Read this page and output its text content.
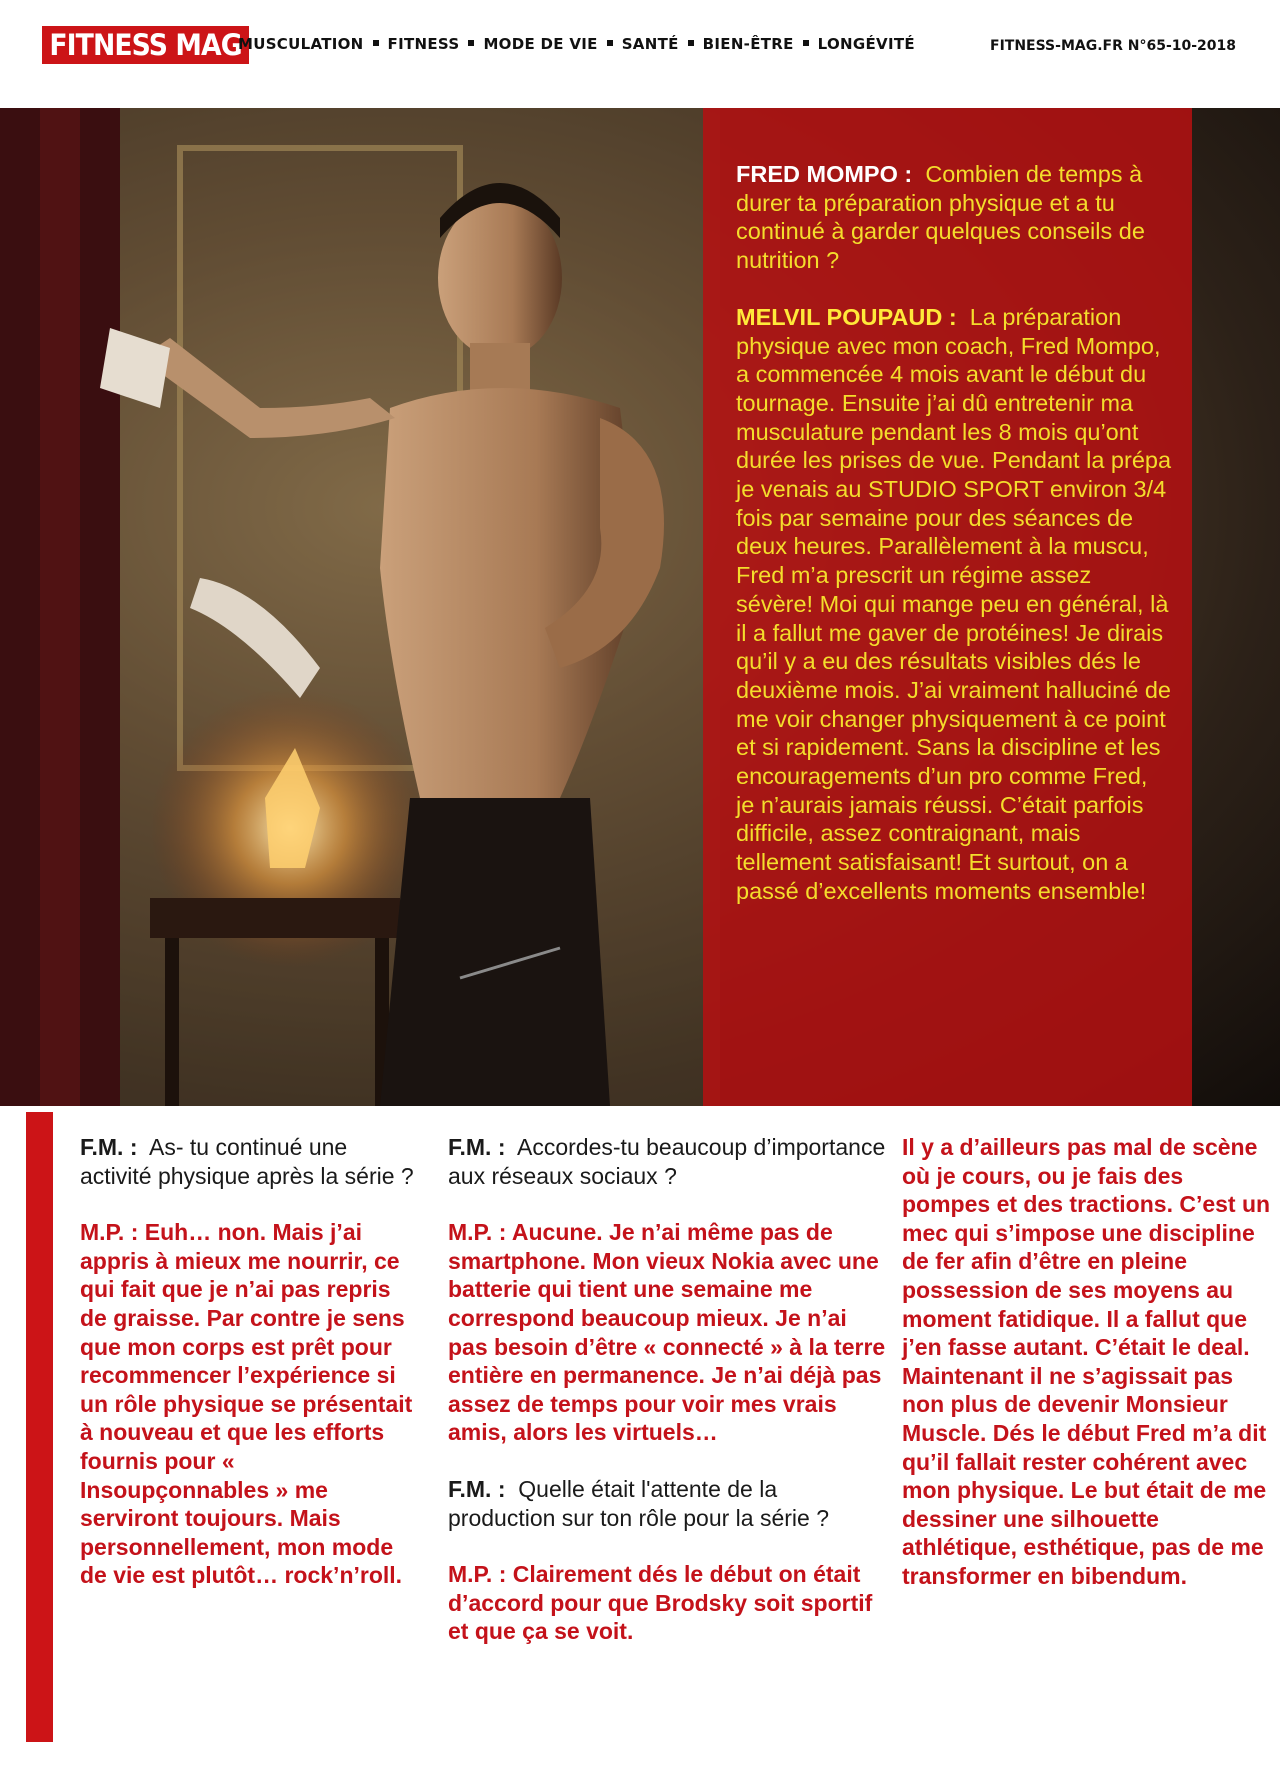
FITNESS MAG
MUSCULATION FITNESS MODE DE VIE SANTÉ BIEN-ÊTRE LONGÉVITÉ	FITNESS-MAG.FR N°65-10-2018

FRED MOMPO : Combien de temps à durer ta préparation physique et a tu continué à garder quelques conseils de nutrition ?

MELVIL POUPAUD : La préparation physique avec mon coach, Fred Mompo, a commencée 4 mois avant le début du tournage. Ensuite j’ai dû entretenir ma musculature pendant les 8 mois qu’ont durée les prises de vue. Pendant la prépa je venais au STUDIO SPORT environ 3/4 fois par semaine pour des séances de deux heures. Parallèlement à la muscu, Fred m’a prescrit un régime assez sévère! Moi qui mange peu en général, là il a fallut me gaver de protéines! Je dirais qu’il y a eu des résultats visibles dés le deuxième mois. J’ai vraiment halluciné de me voir changer physiquement à ce point et si rapidement. Sans la discipline et les encouragements d’un pro comme Fred, je n’aurais jamais réussi. C’était parfois difficile, assez contraignant, mais tellement satisfaisant! Et surtout, on a passé d’excellents moments ensemble!

F.M. : As- tu continué une activité physique après la série ?

M.P. : Euh… non. Mais j’ai appris à mieux me nourrir, ce qui fait que je n’ai pas repris de graisse. Par contre je sens que mon corps est prêt pour recommencer l’expérience si un rôle physique se présentait à nouveau et que les efforts fournis pour « Insoupçonnables » me serviront toujours. Mais personnellement, mon mode de vie est plutôt… rock’n’roll.

F.M. : Accordes-tu beaucoup d’importance aux réseaux sociaux ?

M.P. : Aucune. Je n’ai même pas de smartphone. Mon vieux Nokia avec une batterie qui tient une semaine me correspond beaucoup mieux. Je n’ai pas besoin d’être « connecté » à la terre entière en permanence. Je n’ai déjà pas assez de temps pour voir mes vrais amis, alors les virtuels…

F.M. : Quelle était l'attente de la production sur ton rôle pour la série ?

M.P. : Clairement dés le début on était d’accord pour que Brodsky soit sportif et que ça se voit.

Il y a d’ailleurs pas mal de scène où je cours, ou je fais des pompes et des tractions. C’est un mec qui s’impose une discipline de fer afin d’être en pleine possession de ses moyens au moment fatidique. Il a fallut que j’en fasse autant. C’était le deal. Maintenant il ne s’agissait pas non plus de devenir Monsieur Muscle. Dés le début Fred m’a dit qu’il fallait rester cohérent avec mon physique. Le but était de me dessiner une silhouette athlétique, esthétique, pas de me transformer en bibendum.
